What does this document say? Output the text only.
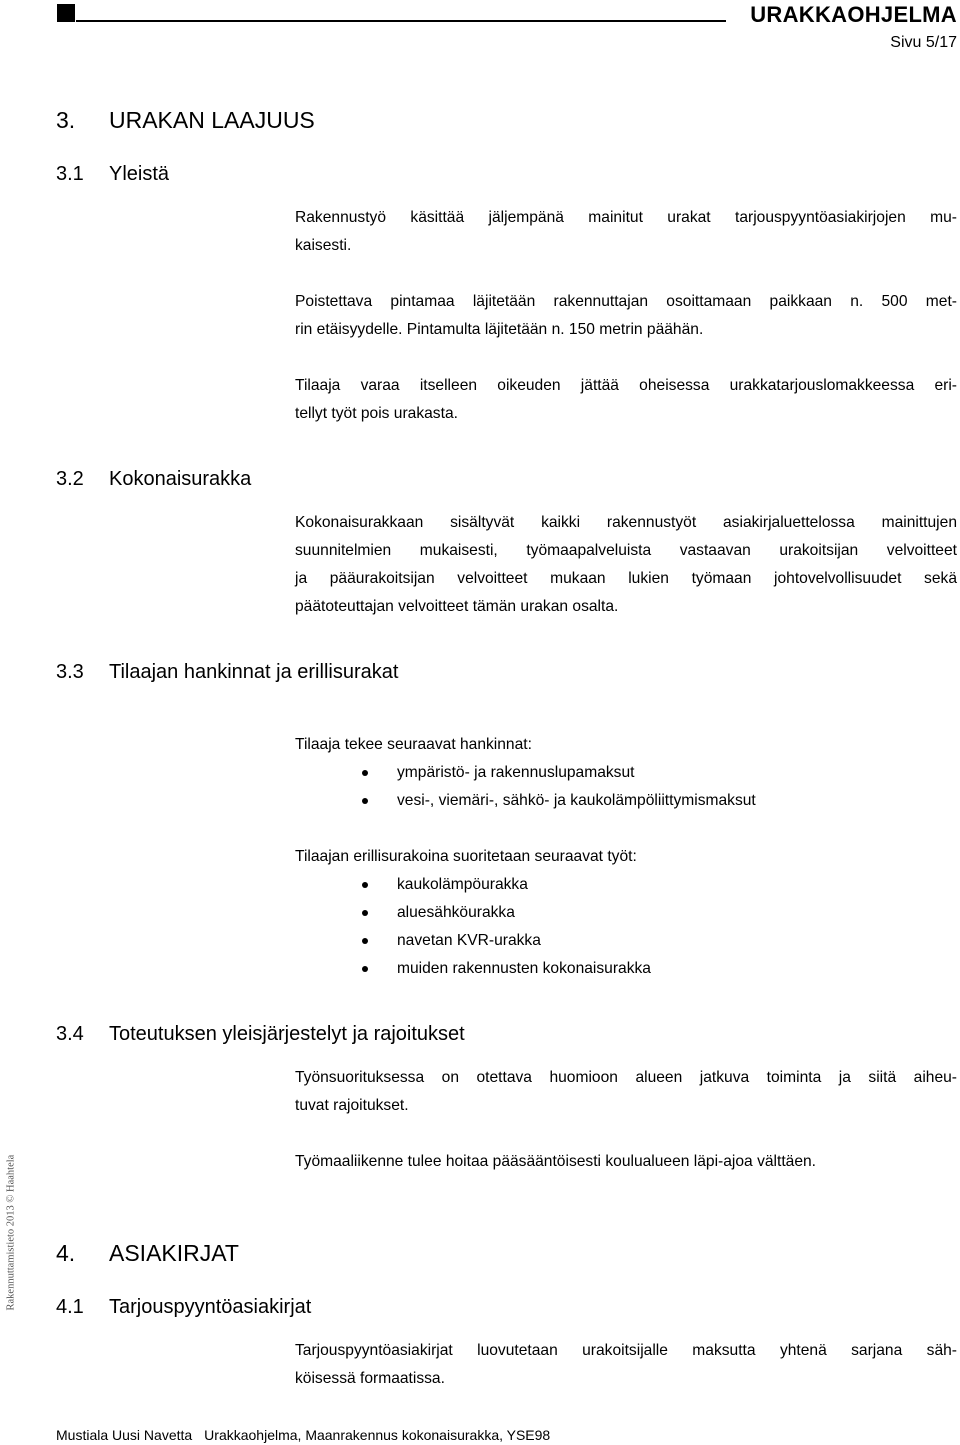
URAKKAOHJELMA
Sivu 5/17
3. URAKAN LAAJUUS
3.1 Yleistä

Rakennustyö käsittää jäljempänä mainitut urakat tarjouspyyntöasiakirjojen mu-
kaisesti.

Poistettava pintamaa läjitetään rakennuttajan osoittamaan paikkaan n. 500 met-
rin etäisyydelle. Pintamulta läjitetään n. 150 metrin päähän.

Tilaaja varaa itselleen oikeuden jättää oheisessa urakkatarjouslomakkeessa eri-
tellyt työt pois urakasta.

3.2 Kokonaisurakka

Kokonaisurakkaan sisältyvät kaikki rakennustyöt asiakirjaluettelossa mainittujen
suunnitelmien mukaisesti, työmaapalveluista vastaavan urakoitsijan velvoitteet
ja pääurakoitsijan velvoitteet mukaan lukien työmaan johtovelvollisuudet sekä
päätoteuttajan velvoitteet tämän urakan osalta.

3.3 Tilaajan hankinnat ja erillisurakat

Tilaaja tekee seuraavat hankinnat:

ympäristö- ja rakennuslupamaksut
vesi-, viemäri-, sähkö- ja kaukolämpöliittymismaksut

Tilaajan erillisurakoina suoritetaan seuraavat työt:

kaukolämpöurakka
aluesähköurakka
navetan KVR-urakka
muiden rakennusten kokonaisurakka
3.4 Toteutuksen yleisjärjestelyt ja rajoitukset

Työnsuorituksessa on otettava huomioon alueen jatkuva toiminta ja siitä aiheu-
tuvat rajoitukset.

Työmaaliikenne tulee hoitaa pääsääntöisesti koulualueen läpi-ajoa välttäen.

Rakennuttamistieto 2013 © Haahtela 4. ASIAKIRJAT
4.1 Tarjouspyyntöasiakirjat

Tarjouspyyntöasiakirjat luovutetaan urakoitsijalle maksutta yhtenä sarjana säh-
köisessä formaatissa.

Mustiala Uusi Navetta Urakkaohjelma, Maanrakennus kokonaisurakka, YSE98
